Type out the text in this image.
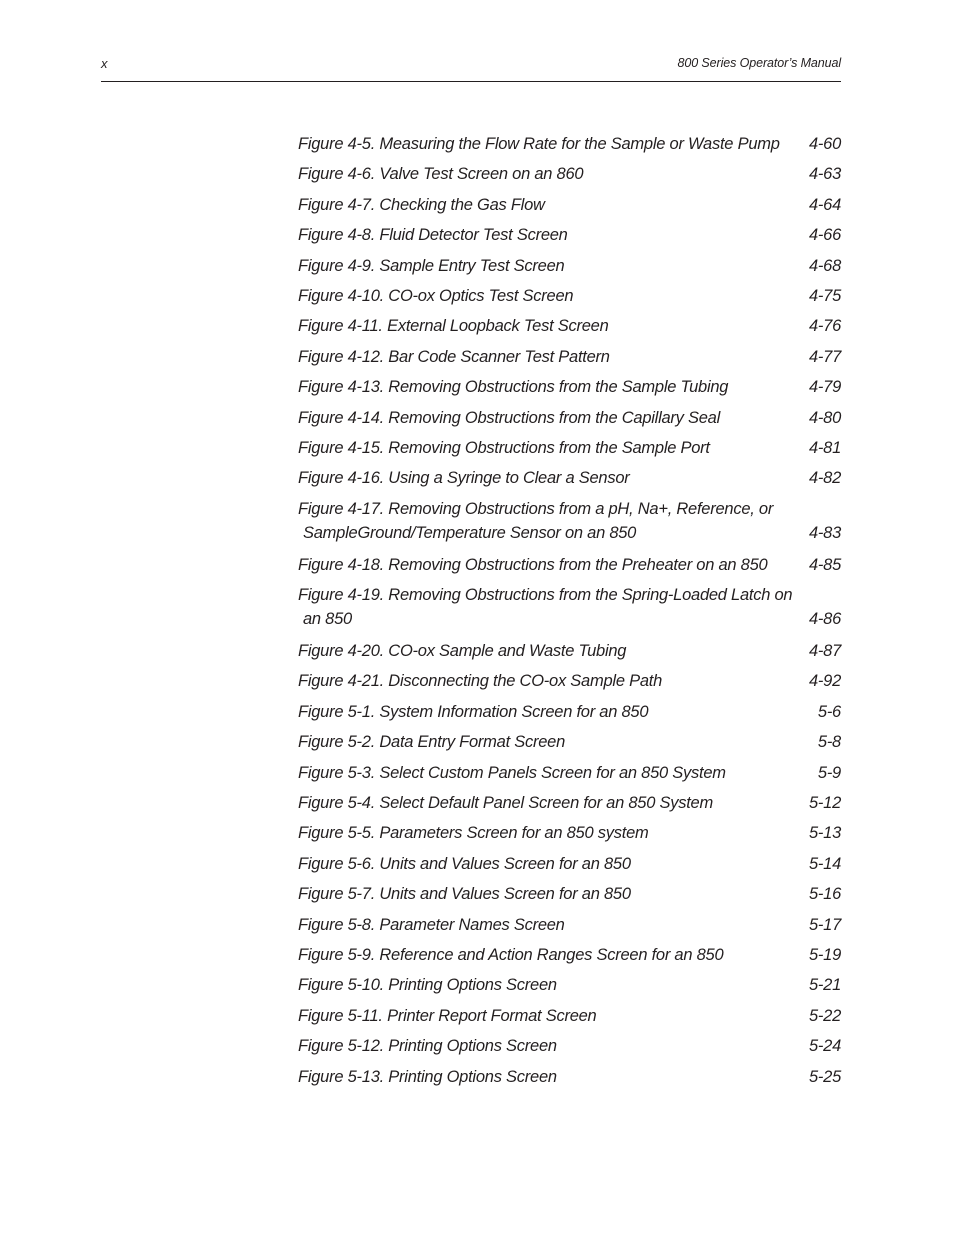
x	800 Series Operator’s Manual
Figure 4-5. Measuring the Flow Rate for the Sample or Waste Pump	4-60
Figure 4-6. Valve Test Screen on an 860	4-63
Figure 4-7. Checking the Gas Flow	4-64
Figure 4-8. Fluid Detector Test Screen	4-66
Figure 4-9. Sample Entry Test Screen	4-68
Figure 4-10. CO-ox Optics Test Screen	4-75
Figure 4-11. External Loopback Test Screen	4-76
Figure 4-12. Bar Code Scanner Test Pattern	4-77
Figure 4-13. Removing Obstructions from the Sample Tubing	4-79
Figure 4-14. Removing Obstructions from the Capillary Seal	4-80
Figure 4-15. Removing Obstructions from the Sample Port	4-81
Figure 4-16. Using a Syringe to Clear a Sensor	4-82
Figure 4-17. Removing Obstructions from a pH, Na+, Reference, or
SampleGround/Temperature Sensor on an 850	4-83
Figure 4-18. Removing Obstructions from the Preheater on an 850	4-85
Figure 4-19. Removing Obstructions from the Spring-Loaded Latch on
an 850	4-86
Figure 4-20. CO-ox Sample and Waste Tubing	4-87
Figure 4-21. Disconnecting the CO-ox Sample Path	4-92
Figure 5-1. System Information Screen for an 850	5-6
Figure 5-2. Data Entry Format Screen	5-8
Figure 5-3. Select Custom Panels Screen for an 850 System	5-9
Figure 5-4. Select Default Panel Screen for an 850 System	5-12
Figure 5-5. Parameters Screen for an 850 system	5-13
Figure 5-6. Units and Values Screen for an 850	5-14
Figure 5-7. Units and Values Screen for an 850	5-16
Figure 5-8. Parameter Names Screen	5-17
Figure 5-9. Reference and Action Ranges Screen for an 850	5-19
Figure 5-10. Printing Options Screen	5-21
Figure 5-11. Printer Report Format Screen	5-22
Figure 5-12. Printing Options Screen	5-24
Figure 5-13. Printing Options Screen	5-25
